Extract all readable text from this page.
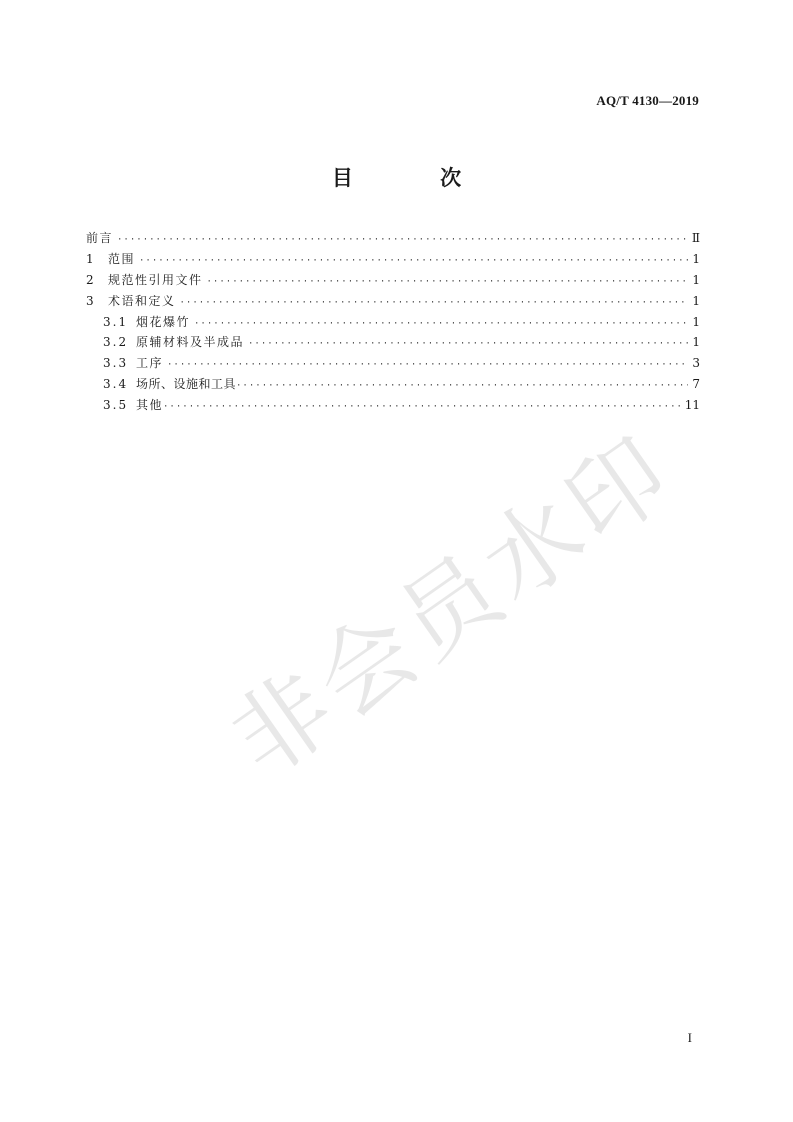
AQ/T 4130—2019
目 次
前言 ·····	Ⅱ
1	范围 ·····	1
2	规范性引用文件 ·····	1
3	术语和定义 ·····	1
3.1 烟花爆竹 ·····	1
3.2 原辅材料及半成品 ·····	1
3.3 工序 ·····	3
3.4 场所、设施和工具 ·····	7
3.5 其他 ·····	11
非会员水印
I
